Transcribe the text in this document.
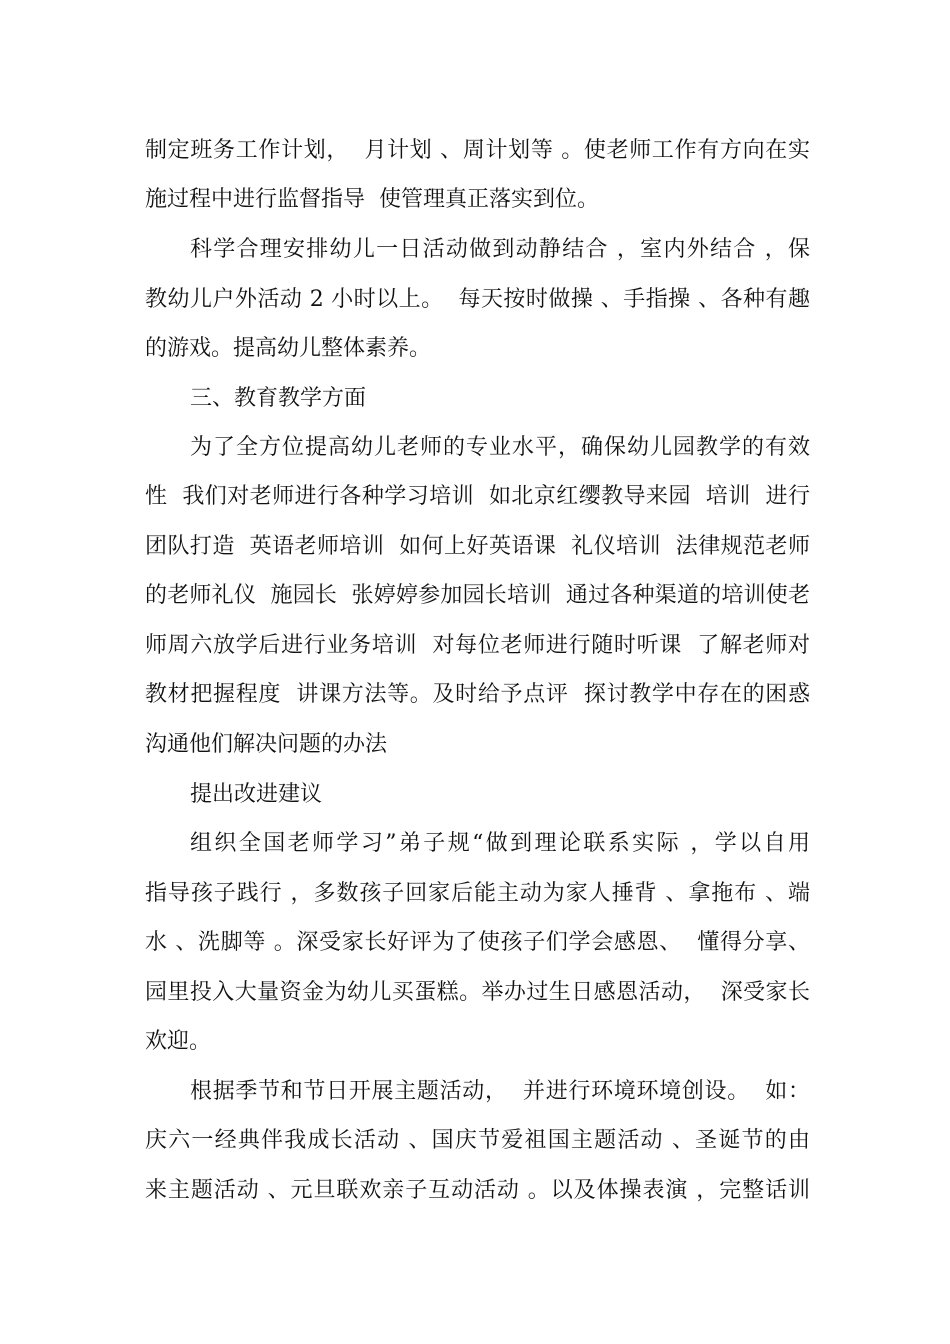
制定班务工作计划，  月计划 、周计划等 。使老师工作有方向在实
施过程中进行监督指导  使管理真正落实到位。
科学合理安排幼儿一日活动做到动静结合 ，室内外结合 ，保
教幼儿户外活动 2 小时以上。  每天按时做操 、手指操 、各种有趣
的游戏。提高幼儿整体素养。
三、教育教学方面
为了全方位提高幼儿老师的专业水平，确保幼儿园教学的有效
性  我们对老师进行各种学习培训  如北京红缨教导来园  培训  进行
团队打造  英语老师培训  如何上好英语课  礼仪培训  法律规范老师
的老师礼仪  施园长  张婷婷参加园长培训  通过各种渠道的培训使老
师周六放学后进行业务培训  对每位老师进行随时听课  了解老师对
教材把握程度  讲课方法等。及时给予点评  探讨教学中存在的困惑
沟通他们解决问题的办法
提出改进建议
组织全国老师学习”弟子规“做到理论联系实际 ，学以自用
指导孩子践行 ，多数孩子回家后能主动为家人捶背 、拿拖布 、端
水 、洗脚等 。深受家长好评为了使孩子们学会感恩、  懂得分享、
园里投入大量资金为幼儿买蛋糕。举办过生日感恩活动，  深受家长
欢迎。
根据季节和节日开展主题活动，  并进行环境环境创设。  如：
庆六一经典伴我成长活动 、国庆节爱祖国主题活动 、圣诞节的由
来主题活动 、元旦联欢亲子互动活动 。以及体操表演 ，完整话训
